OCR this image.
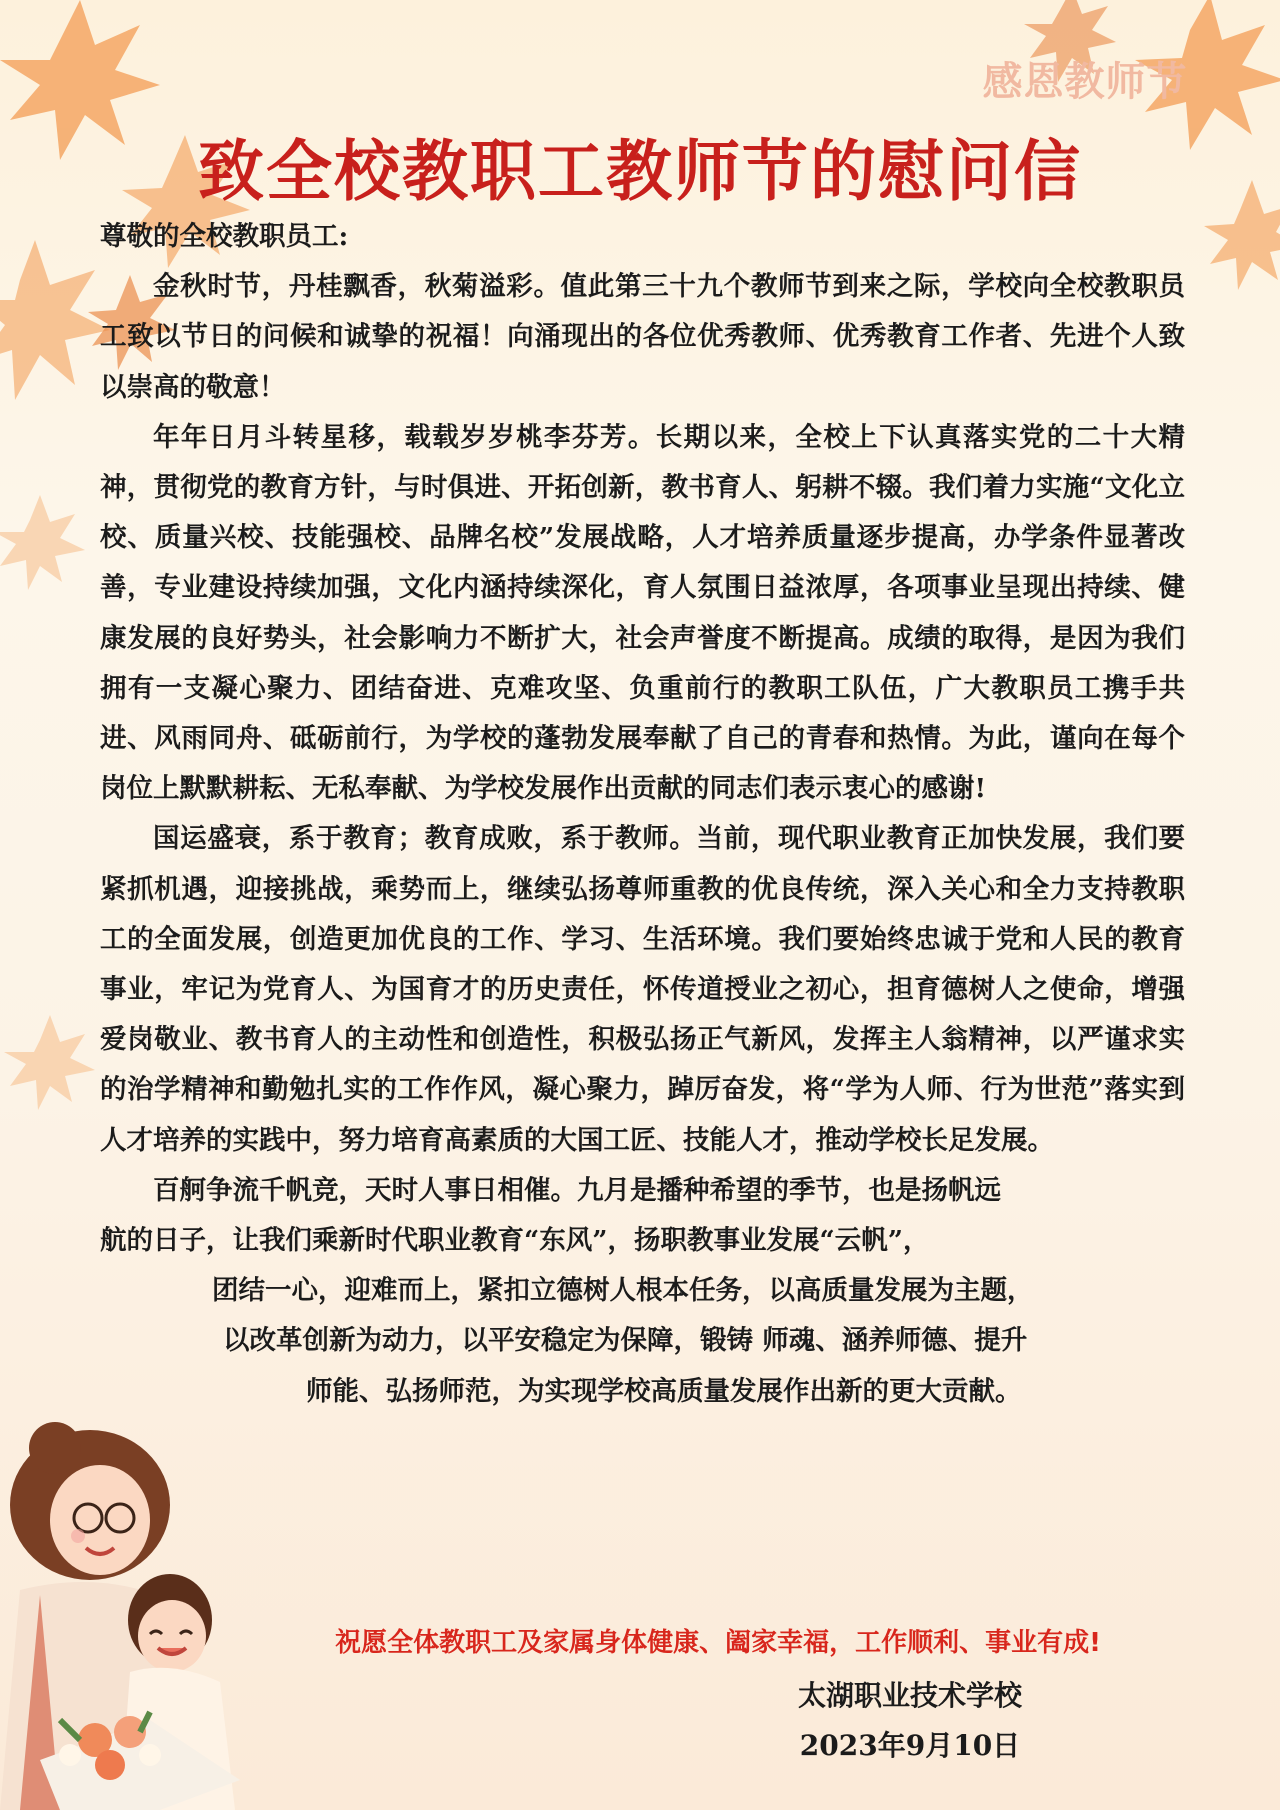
感恩教师节
致全校教职工教师节的慰问信

尊敬的全校教职员工:

金秋时节，丹桂飘香，秋菊溢彩。值此第三十九个教师节到来之际，学校向全校教职员工致以节日的问候和诚挚的祝福！向涌现出的各位优秀教师、优秀教育工作者、先进个人致以崇高的敬意！

年年日月斗转星移，载载岁岁桃李芬芳。长期以来，全校上下认真落实党的二十大精神，贯彻党的教育方针，与时俱进、开拓创新，教书育人、躬耕不辍。我们着力实施“文化立校、质量兴校、技能强校、品牌名校”发展战略，人才培养质量逐步提高，办学条件显著改善，专业建设持续加强，文化内涵持续深化，育人氛围日益浓厚，各项事业呈现出持续、健康发展的良好势头，社会影响力不断扩大，社会声誉度不断提高。成绩的取得，是因为我们拥有一支凝心聚力、团结奋进、克难攻坚、负重前行的教职工队伍，广大教职员工携手共进、风雨同舟、砥砺前行，为学校的蓬勃发展奉献了自己的青春和热情。为此，谨向在每个岗位上默默耕耘、无私奉献、为学校发展作出贡献的同志们表示衷心的感谢!

国运盛衰，系于教育；教育成败，系于教师。当前，现代职业教育正加快发展，我们要紧抓机遇，迎接挑战，乘势而上，继续弘扬尊师重教的优良传统，深入关心和全力支持教职工的全面发展，创造更加优良的工作、学习、生活环境。我们要始终忠诚于党和人民的教育事业，牢记为党育人、为国育才的历史责任，怀传道授业之初心，担育德树人之使命，增强爱岗敬业、教书育人的主动性和创造性，积极弘扬正气新风，发挥主人翁精神，以严谨求实的治学精神和勤勉扎实的工作作风，凝心聚力，踔厉奋发，将“学为人师、行为世范”落实到人才培养的实践中，努力培育高素质的大国工匠、技能人才，推动学校长足发展。

百舸争流千帆竞，天时人事日相催。九月是播种希望的季节，也是扬帆远

航的日子，让我们乘新时代职业教育“东风”，扬职教事业发展“云帆”，

团结一心，迎难而上，紧扣立德树人根本任务，以高质量发展为主题，

以改革创新为动力，以平安稳定为保障，锻铸 师魂、涵养师德、提升

师能、弘扬师范，为实现学校高质量发展作出新的更大贡献。

祝愿全体教职工及家属身体健康、阖家幸福，工作顺利、事业有成!
太湖职业技术学校
2023年9月10日
